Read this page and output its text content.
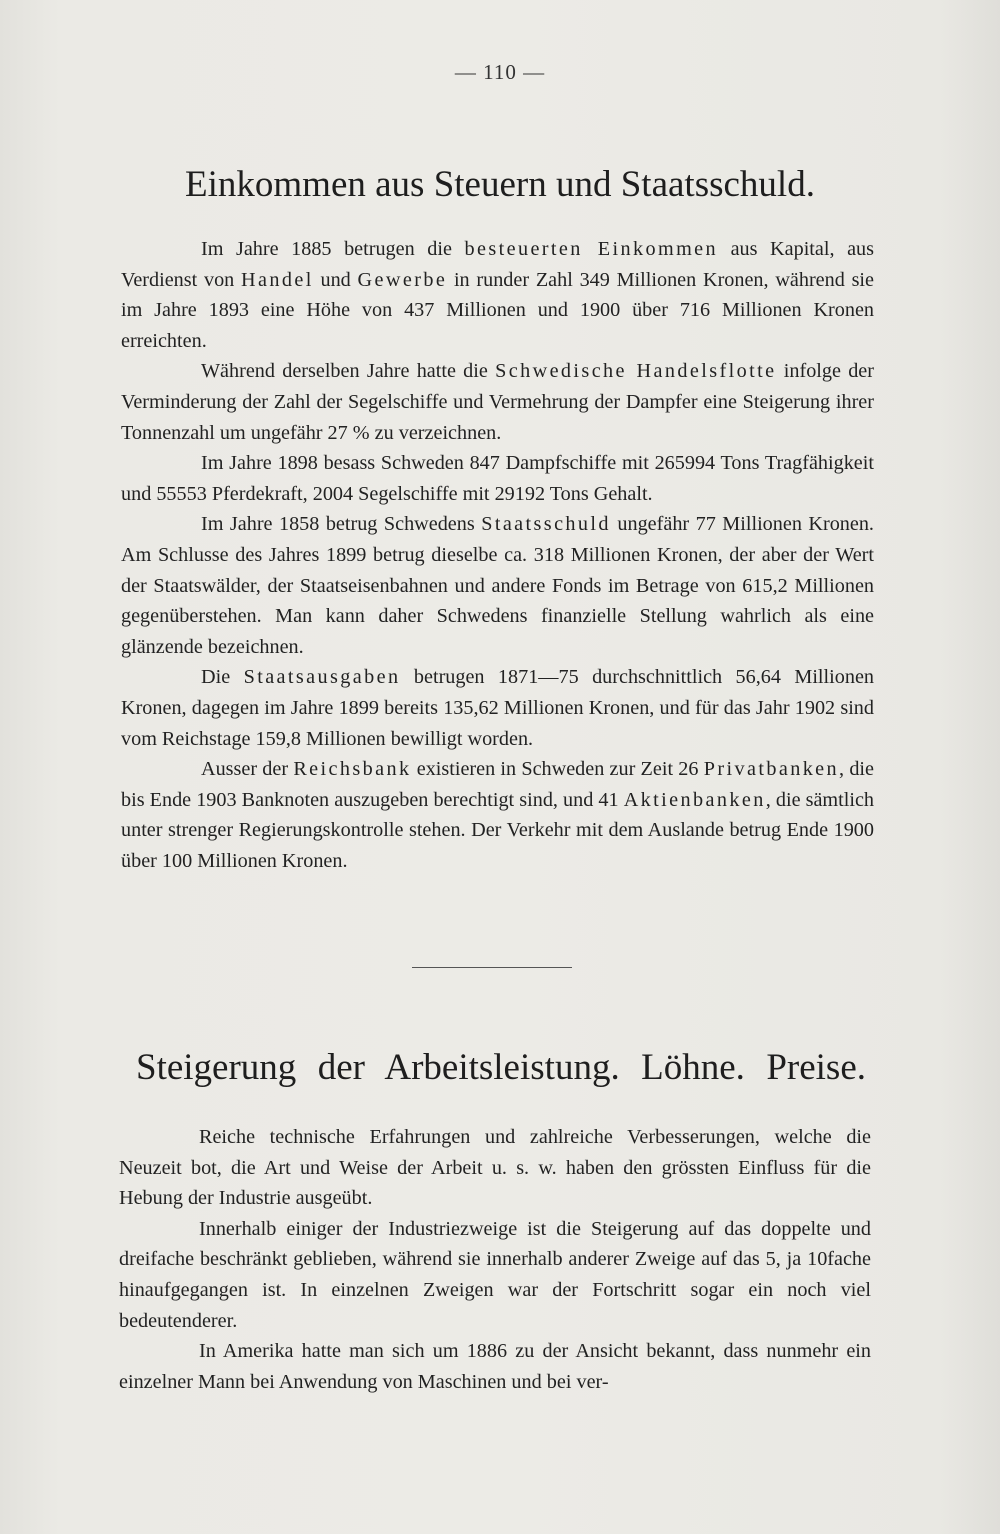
— 110 —
Einkommen aus Steuern und Staatsschuld.

Im Jahre 1885 betrugen die besteuerten Einkommen aus Kapital, aus Verdienst von Handel und Gewerbe in runder Zahl 349 Millionen Kronen, während sie im Jahre 1893 eine Höhe von 437 Millionen und 1900 über 716 Millionen Kronen erreichten.

Während derselben Jahre hatte die Schwedische Handelsflotte infolge der Verminderung der Zahl der Segelschiffe und Vermehrung der Dampfer eine Steigerung ihrer Tonnenzahl um ungefähr 27 % zu verzeichnen.

Im Jahre 1898 besass Schweden 847 Dampfschiffe mit 265994 Tons Tragfähigkeit und 55553 Pferdekraft, 2004 Segelschiffe mit 29192 Tons Gehalt.

Im Jahre 1858 betrug Schwedens Staatsschuld ungefähr 77 Millionen Kronen. Am Schlusse des Jahres 1899 betrug dieselbe ca. 318 Millionen Kronen, der aber der Wert der Staatswälder, der Staatseisenbahnen und andere Fonds im Betrage von 615,2 Millionen gegenüberstehen. Man kann daher Schwedens finanzielle Stellung wahrlich als eine glänzende bezeichnen.

Die Staatsausgaben betrugen 1871—75 durchschnittlich 56,64 Millionen Kronen, dagegen im Jahre 1899 bereits 135,62 Millionen Kronen, und für das Jahr 1902 sind vom Reichstage 159,8 Millionen bewilligt worden.

Ausser der Reichsbank existieren in Schweden zur Zeit 26 Privatbanken, die bis Ende 1903 Banknoten auszugeben berechtigt sind, und 41 Aktienbanken, die sämtlich unter strenger Regierungskontrolle stehen. Der Verkehr mit dem Auslande betrug Ende 1900 über 100 Millionen Kronen.

Steigerung der Arbeitsleistung. Löhne. Preise.

Reiche technische Erfahrungen und zahlreiche Verbesserungen, welche die Neuzeit bot, die Art und Weise der Arbeit u. s. w. haben den grössten Einfluss für die Hebung der Industrie ausgeübt.

Innerhalb einiger der Industriezweige ist die Steigerung auf das doppelte und dreifache beschränkt geblieben, während sie innerhalb anderer Zweige auf das 5, ja 10fache hinaufgegangen ist. In einzelnen Zweigen war der Fortschritt sogar ein noch viel bedeutenderer.

In Amerika hatte man sich um 1886 zu der Ansicht bekannt, dass nunmehr ein einzelner Mann bei Anwendung von Maschinen und bei ver-
